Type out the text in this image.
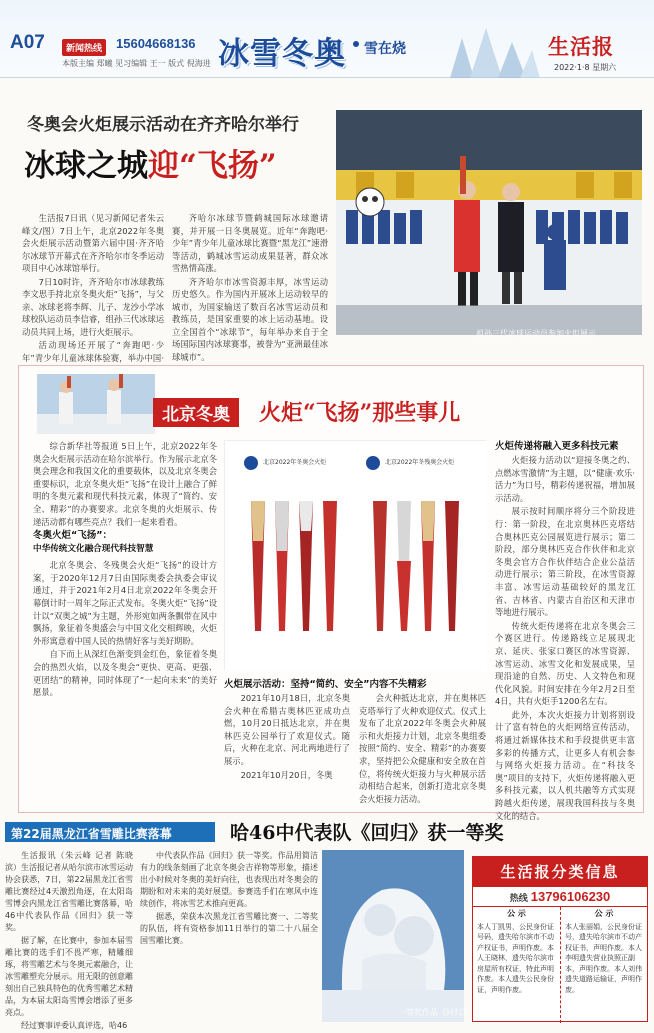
A07	新闻热线	15604668136
本版主编 郑曦 见习编辑 王一 版式 倪海进 冰雪冬奥 雪在烧	生活报
2022·1·8 星期六
冬奥会火炬展示活动在齐齐哈尔举行
冰球之城迎“飞扬”

生活报7日讯（见习新闻记者朱云峰文/图）7日上午，北京2022年冬奥会火炬展示活动暨第六届中国·齐齐哈尔冰球节开幕式在齐齐哈尔市冬季运动项目中心冰球馆举行。

7日10时许，齐齐哈尔市冰球教练李文思手持北京冬奥火炬“飞扬”，与父亲、冰球老将李辉、儿子、龙沙小学冰球校队运动员李信睿，组孙三代冰球运动员共同上场，进行火炬展示。

活动现场还开展了“奔跑吧·少年”青少年儿童冰球体验赛，举办中国·

齐哈尔冰球节暨鹤城国际冰球邀请赛，并开展一日冬奥展览。近年“奔跑吧·少年”青少年儿童冰球比赛暨“黑龙江”速滑等活动，鹤城冰雪运动成果显著，群众冰雪热情高涨。

齐齐哈尔市冰雪资源丰厚，冰雪运动历史悠久。作为国内开展冰上运动较早的城市，为国家输送了数百名冰雪运动员和教练员，是国家重要的冰上运动基地。设立全国首个“冰球节”，每年举办来自于全场国际国内冰球赛事，被誉为“亚洲最佳冰球城市”。

祖孙三代冰球运动员参加火炬展示
北京冬奥	火炬“飞扬”那些事儿

综合新华社等报道 5日上午，北京2022年冬奥会火炬展示活动在哈尔滨举行。作为展示北京冬奥会理念和我国文化的重要载体，以及北京冬奥会重要标识，北京冬奥火炬“飞扬”在设计上融合了鲜明的冬奥元素和现代科技元素，体现了“简约、安全、精彩”的办赛要求。北京冬奥的火炬展示、传递活动都有哪些亮点？我们一起来看看。

冬奥火炬“飞扬”：
中华传统文化融合现代科技智慧

北京冬奥会、冬残奥会火炬“飞扬”的设计方案，于2020年12月7日由国际奥委会执委会审议通过，并于2021年2月4日北京2022年冬奥会开幕倒计时一周年之际正式发布。冬奥火炬“飞扬”设计以“双奥之城”为主题，外形宛如两条飘带在风中飘扬，象征着冬奥盛会与中国文化交相辉映，火炬外形寓意着中国人民的热情好客与美好期盼。

自下而上从深红色渐变到金红色，象征着冬奥会的热烈火焰，以及冬奥会“更快、更高、更强、更团结”的精神，同时体现了“一起向未来”的美好愿景。

北京2022年冬奥会火炬	北京2022年冬残奥会火炬
火炬展示活动：坚持“简约、安全”内容不失精彩

2021年10月18日，北京冬奥会火种在希腊古奥林匹亚成功点燃，10月20日抵达北京，并在奥林匹克公园举行了欢迎仪式。随后，火种在北京、河北两地进行了展示。

2021年10月20日，冬奥

会火种抵达北京，并在奥林匹克塔举行了火种欢迎仪式。仪式上发布了北京2022年冬奥会火种展示和火炬接力计划，北京冬奥组委按照“简约、安全、精彩”的办赛要求，坚持把公众健康和安全放在首位，将传统火炬接力与火种展示活动相结合起来，创新打造北京冬奥会火炬接力活动。

火炬传递将融入更多科技元素

火炬接力活动以“迎接冬奥之约、点燃冰雪激情”为主题，以“健康·欢乐·活力”为口号，精彩传递祝福，增加展示活动。

展示按时间顺序将分三个阶段进行：第一阶段，在北京奥林匹克塔结合奥林匹克公园展览进行展示；第二阶段，部分奥林匹克合作伙伴和北京冬奥会官方合作伙伴结合企业公益活动进行展示；第三阶段，在冰雪资源丰富、冰雪运动基础较好的黑龙江省、吉林省、内蒙古自治区和天津市等地进行展示。

传统火炬传递将在北京冬奥会三个赛区进行。传递路线立足展现北京、延庆、张家口赛区的冰雪资源、冰雪运动、冰雪文化和发展成果，呈现沿途的自然、历史、人文特色和现代化风貌。时间安排在今年2月2日至4日，共有火炬手1200名左右。

此外，本次火炬接力计划将别设计了富有特色的火炬网络宣传活动，将通过新媒体技术和手段提供更丰富多彩的传播方式，让更多人有机会参与网络火炬接力活动。在“科技冬奥”项目的支持下，火炬传递将融入更多科技元素，以人机共融等方式实现跨越火炬传递，展现我国科技与冬奥文化的结合。

第22届黑龙江省雪雕比赛落幕	哈46中代表队《回归》获一等奖

生活报讯（朱云峰 记者 陈晓滨）生活报记者从哈尔滨市冰雪运动协会获悉，7日，第22届黑龙江省雪雕比赛经过4天激烈角逐，在太阳岛雪博会内黑龙江省雪雕比赛落幕，哈46中代表队作品《回归》获一等奖。

据了解，在比赛中，参加本届雪雕比赛的选手们不畏严寒，精雕细琢，将雪雕艺术与冬奥元素融合，让冰雪雕塑充分展示。用无限的创意雕刻出自己独具特色的优秀雪雕艺术精品，为本届太阳岛雪博会增添了更多亮点。

经过赛事评委认真评选，哈46

中代表队作品《回归》获一等奖。作品用简洁有力的线条刻画了北京冬奥会吉祥物等形象，描述出小时候对冬奥的美好向往，也表现出对冬奥会的期盼和对未来的美好展望。参赛选手们在寒风中连续创作，将冰雪艺术推向更高。

据悉，荣获本次黑龙江省雪雕比赛一、二等奖的队伍，将有资格参加11日举行的第二十八届全国雪雕比赛。

一等奖作品《回归》
生活报分类信息
热线 13796106230
公 示
本人丁凯男，公民身份证号码，遗失哈尔滨市不动产权证书，声明作废。本人王晓林，遗失哈尔滨市房屋所有权证，特此声明作废。本人遗失公民身份证，声明作废。
公 示
本人张丽娟，公民身份证号，遗失哈尔滨市不动产权证书，声明作废。本人李明遗失营业执照正副本，声明作废。本人刘伟遗失道路运输证，声明作废。
